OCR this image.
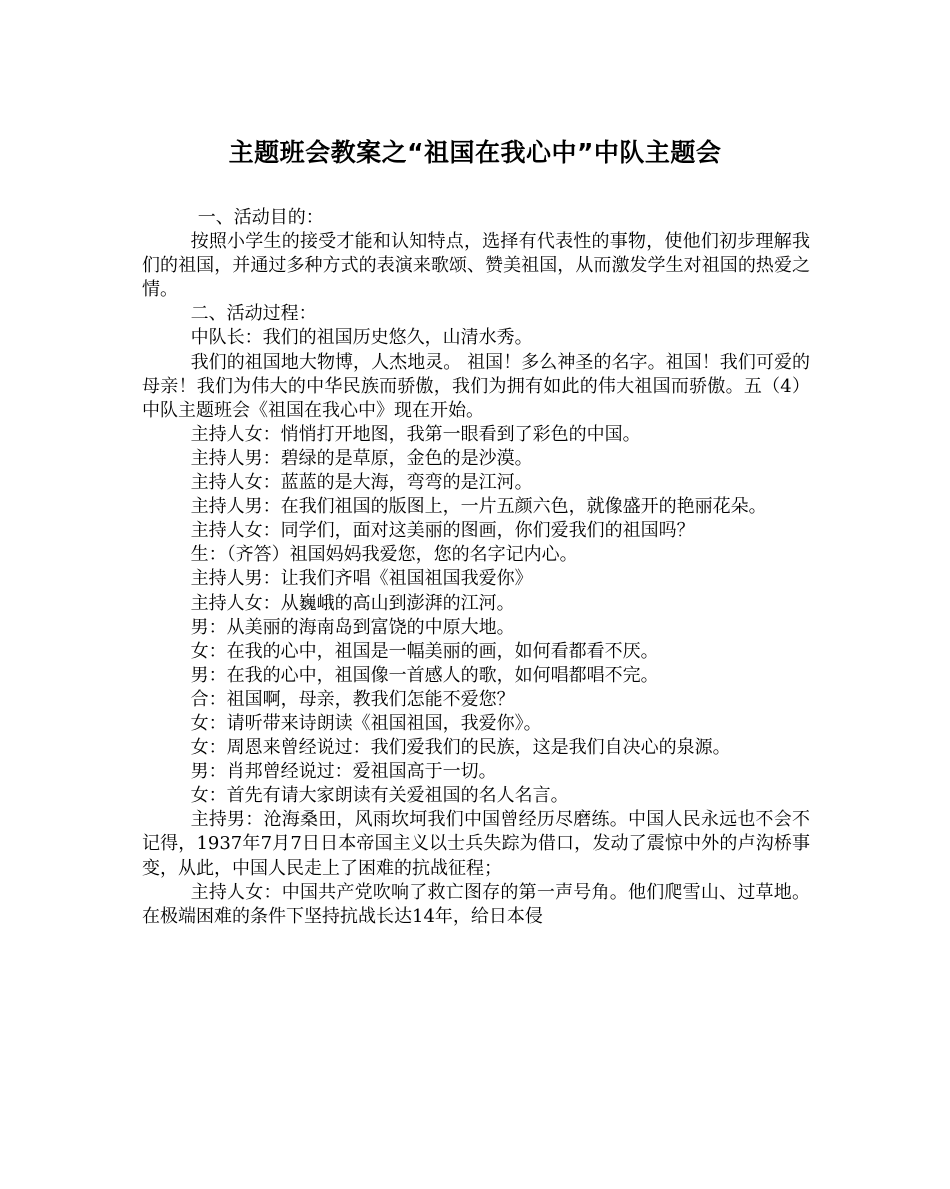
主题班会教案之“祖国在我心中”中队主题会

一、活动目的：

按照小学生的接受才能和认知特点，选择有代表性的事物，使他们初步理解我们的祖国，并通过多种方式的表演来歌颂、赞美祖国，从而激发学生对祖国的热爱之情。

二、活动过程：

中队长：我们的祖国历史悠久，山清水秀。

我们的祖国地大物博，人杰地灵。 祖国！多么神圣的名字。祖国！我们可爱的母亲！我们为伟大的中华民族而骄傲，我们为拥有如此的伟大祖国而骄傲。五（4）中队主题班会《祖国在我心中》现在开始。

主持人女：悄悄打开地图，我第一眼看到了彩色的中国。

主持人男：碧绿的是草原，金色的是沙漠。

主持人女：蓝蓝的是大海，弯弯的是江河。

主持人男：在我们祖国的版图上，一片五颜六色，就像盛开的艳丽花朵。

主持人女：同学们，面对这美丽的图画，你们爱我们的祖国吗？

生：（齐答）祖国妈妈我爱您，您的名字记内心。

主持人男：让我们齐唱《祖国祖国我爱你》

主持人女：从巍峨的高山到澎湃的江河。

男：从美丽的海南岛到富饶的中原大地。

女：在我的心中，祖国是一幅美丽的画，如何看都看不厌。

男：在我的心中，祖国像一首感人的歌，如何唱都唱不完。

合：祖国啊，母亲，教我们怎能不爱您？

女：请听带来诗朗读《祖国祖国，我爱你》。

女：周恩来曾经说过：我们爱我们的民族，这是我们自决心的泉源。

男：肖邦曾经说过：爱祖国高于一切。

女：首先有请大家朗读有关爱祖国的名人名言。

主持男：沧海桑田，风雨坎坷我们中国曾经历尽磨练。中国人民永远也不会不记得，1937年7月7日日本帝国主义以士兵失踪为借口，发动了震惊中外的卢沟桥事变，从此，中国人民走上了困难的抗战征程；

主持人女：中国共产党吹响了救亡图存的第一声号角。他们爬雪山、过草地。在极端困难的条件下坚持抗战长达14年，给日本侵
